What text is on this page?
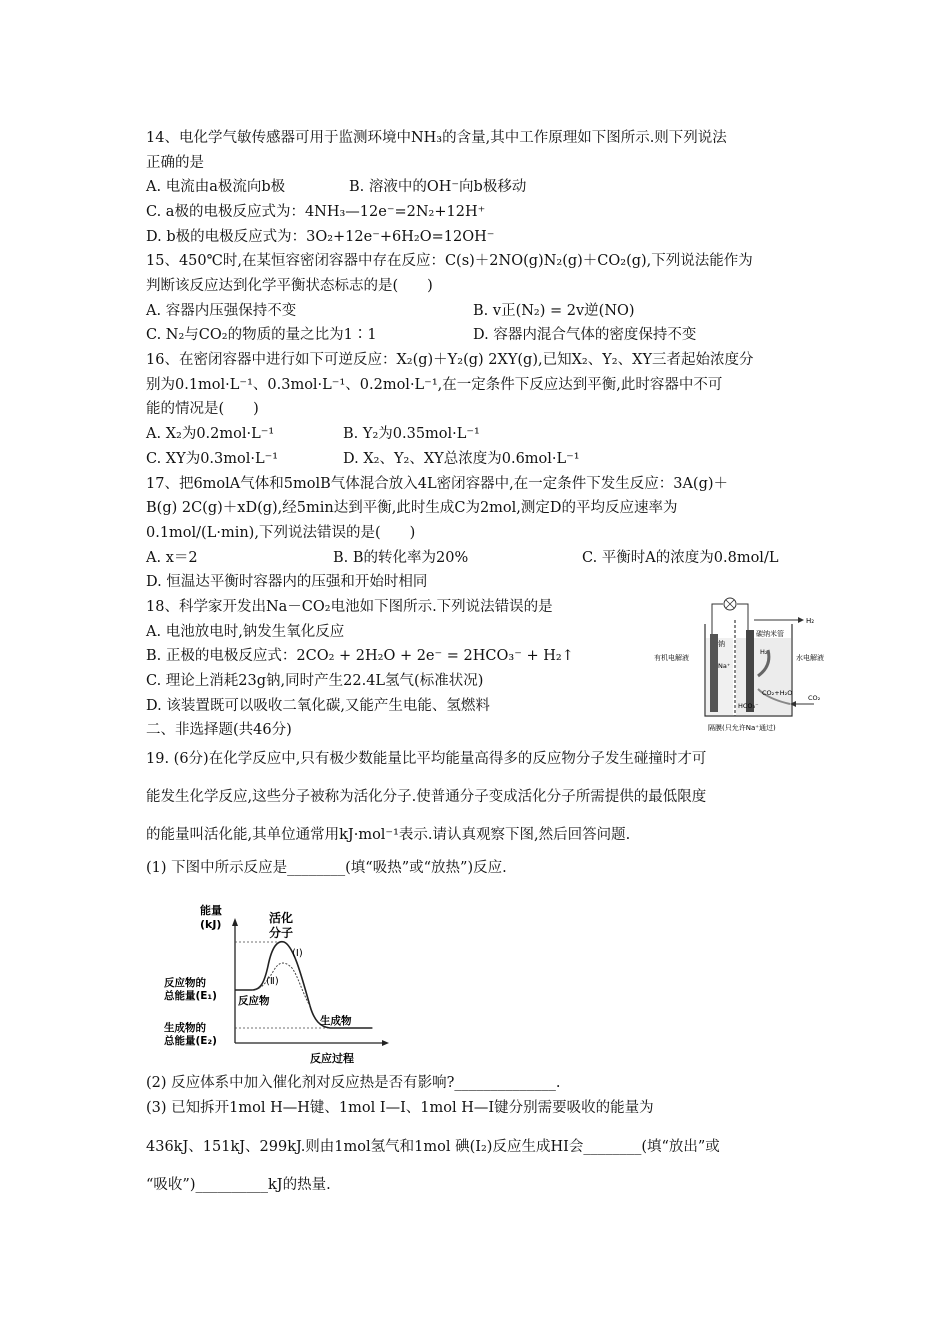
14、电化学气敏传感器可用于监测环境中NH₃的含量,其中工作原理如下图所示.则下列说法
正确的是
A. 电流由a极流向b极	B. 溶液中的OH⁻向b极移动
C. a极的电极反应式为：4NH₃—12e⁻=2N₂+12H⁺
D. b极的电极反应式为：3O₂+12e⁻+6H₂O=12OH⁻
15、450℃时,在某恒容密闭容器中存在反应：C(s)＋2NO(g)N₂(g)＋CO₂(g),下列说法能作为
判断该反应达到化学平衡状态标志的是(　　)
A. 容器内压强保持不变	B. v正(N₂) = 2v逆(NO)
C. N₂与CO₂的物质的量之比为1∶1	D. 容器内混合气体的密度保持不变
16、在密闭容器中进行如下可逆反应：X₂(g)＋Y₂(g) 2XY(g),已知X₂、Y₂、XY三者起始浓度分
别为0.1mol·L⁻¹、0.3mol·L⁻¹、0.2mol·L⁻¹,在一定条件下反应达到平衡,此时容器中不可
能的情况是(　　)
A. X₂为0.2mol·L⁻¹	B. Y₂为0.35mol·L⁻¹
C. XY为0.3mol·L⁻¹	D. X₂、Y₂、XY总浓度为0.6mol·L⁻¹
17、把6molA气体和5molB气体混合放入4L密闭容器中,在一定条件下发生反应：3A(g)＋
B(g) 2C(g)＋xD(g),经5min达到平衡,此时生成C为2mol,测定D的平均反应速率为
0.1mol/(L·min),下列说法错误的是(　　)
A. x＝2	B. B的转化率为20%	C. 平衡时A的浓度为0.8mol/L
D. 恒温达平衡时容器内的压强和开始时相同
18、科学家开发出Na－CO₂电池如下图所示.下列说法错误的是
A. 电池放电时,钠发生氧化反应
B. 正极的电极反应式：2CO₂ + 2H₂O + 2e⁻ = 2HCO₃⁻ + H₂↑
C. 理论上消耗23g钠,同时产生22.4L氢气(标准状况)
D. 该装置既可以吸收二氧化碳,又能产生电能、氢燃料
H₂
钠
Na⁺
碳纳米管
H₂
有机电解液	水电解液
HCO₃⁻
CO₂+H₂O
CO₂
隔膜(只允许Na⁺通过)
二、非选择题(共46分)
19. (6分)在化学反应中,只有极少数能量比平均能量高得多的反应物分子发生碰撞时才可
能发生化学反应,这些分子被称为活化分子.使普通分子变成活化分子所需提供的最低限度
的能量叫活化能,其单位通常用kJ·mol⁻¹表示.请认真观察下图,然后回答问题.
(1) 下图中所示反应是________(填“吸热”或“放热”)反应.
能量
(kJ)	活化
分子
(Ⅰ)
(Ⅱ)
反应物的
总能量(E₁) 反应物
生成物的
总能量(E₂)
生成物
反应过程
(2) 反应体系中加入催化剂对反应热是否有影响?______________.
(3) 已知拆开1mol H—H键、1mol I—I、1mol H—I键分别需要吸收的能量为
436kJ、151kJ、299kJ.则由1mol氢气和1mol 碘(I₂)反应生成HI会________(填“放出”或
“吸收”)__________kJ的热量.
